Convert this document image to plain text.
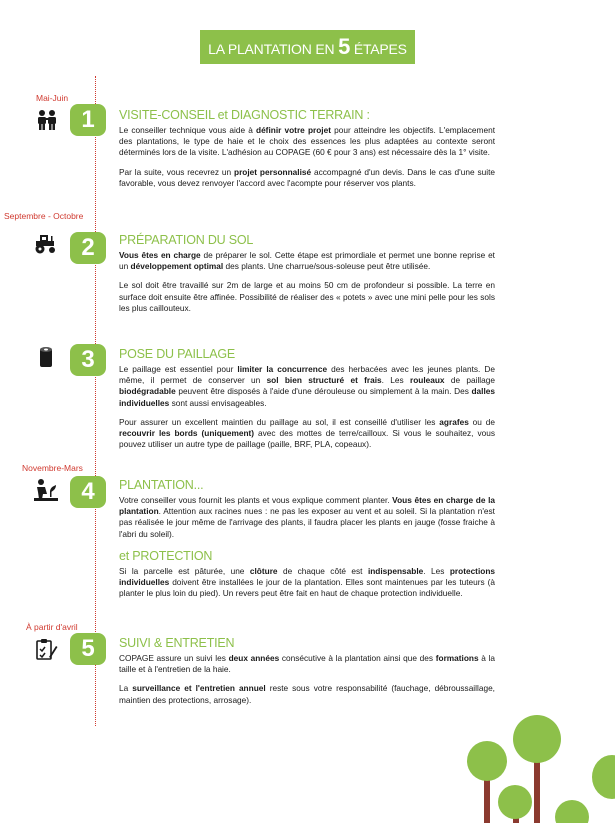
LA PLANTATION EN 5 ÉTAPES
Mai-Juin
Septembre - Octobre
Novembre-Mars
À partir d'avril
1	VISITE-CONSEIL et DIAGNOSTIC TERRAIN :

Le conseiller technique vous aide à définir votre projet pour atteindre les objectifs. L'emplacement des plantations, le type de haie et le choix des essences les plus adaptées au contexte seront déterminés lors de la visite. L'adhésion au COPAGE (60 € pour 3 ans) est nécessaire dès la 1° visite.

Par la suite, vous recevrez un projet personnalisé accompagné d'un devis. Dans le cas d'une suite favorable, vous devez renvoyer l'accord avec l'acompte pour réserver vos plants.

2	PRÉPARATION DU SOL

Vous êtes en charge de préparer le sol. Cette étape est primordiale et permet une bonne reprise et un développement optimal des plants. Une charrue/sous-soleuse peut être utilisée.

Le sol doit être travaillé sur 2m de large et au moins 50 cm de profondeur si possible. La terre en surface doit ensuite être affinée. Possibilité de réaliser des « potets » avec une mini pelle pour les sols les plus caillouteux.

3	POSE DU PAILLAGE

Le paillage est essentiel pour limiter la concurrence des herbacées avec les jeunes plants. De même, il permet de conserver un sol bien structuré et frais. Les rouleaux de paillage biodégradable peuvent être disposés à l'aide d'une dérouleuse ou simplement à la main. Des dalles individuelles sont aussi envisageables.

Pour assurer un excellent maintien du paillage au sol, il est conseillé d'utiliser les agrafes ou de recouvrir les bords (uniquement) avec des mottes de terre/cailloux. Si vous le souhaitez, vous pouvez utiliser un autre type de paillage (paille, BRF, PLA, copeaux).

4	PLANTATION...

Votre conseiller vous fournit les plants et vous explique comment planter. Vous êtes en charge de la plantation. Attention aux racines nues : ne pas les exposer au vent et au soleil. Si la plantation n'est pas réalisée le jour même de l'arrivage des plants, il faudra placer les plants en jauge (fosse fraiche à l'abri du soleil).

et PROTECTION

Si la parcelle est pâturée, une clôture de chaque côté est indispensable. Les protections individuelles doivent être installées le jour de la plantation. Elles sont maintenues par les tuteurs (à planter le plus loin du pied). Un revers peut être fait en haut de chaque protection individuelle.

5	SUIVI & ENTRETIEN

COPAGE assure un suivi les deux années consécutive à la plantation ainsi que des formations à la taille et à l'entretien de la haie.

La surveillance et l'entretien annuel reste sous votre responsabilité (fauchage, débroussaillage, maintien des protections, arrosage).
